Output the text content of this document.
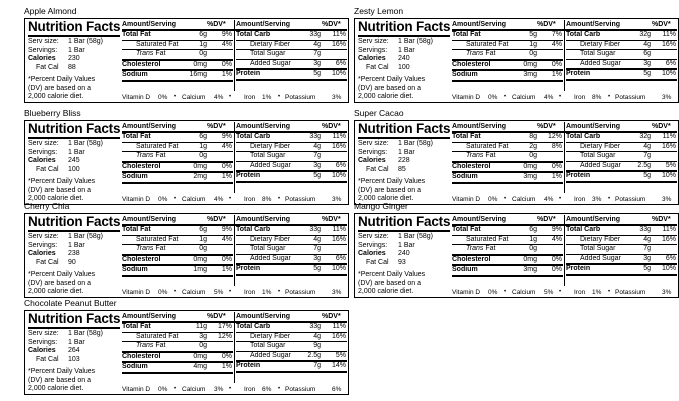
Apple Almond
Nutrition Facts
Serv size: 1 Bar (58g)
Servings: 1 Bar
Calories 230
Fat Cal 88
*Percent Daily Values
(DV) are based on a
2,000 calorie diet.
Amount/Serving	%DV* Amount/Serving	%DV*
Total Fat	6g 9%
Saturated Fat	1g 4%
Trans Fat	0g
Cholesterol	0mg 0%
Sodium	16mg 1%
Total Carb	33g 11%
Dietary Fiber	4g 16%
Total Sugar	7g
Added Sugar	3g 6%
Protein	5g 10%
Vitamin D 0% • Calcium 4% • Iron 1% • Potassium	3%
Zesty Lemon
Nutrition Facts
Serv size: 1 Bar (58g)
Servings: 1 Bar
Calories 240
Fat Cal 100
*Percent Daily Values
(DV) are based on a
2,000 calorie diet.
Amount/Serving	%DV* Amount/Serving	%DV*
Total Fat	5g 7%
Saturated Fat	1g 4%
Trans Fat	0g
Cholesterol	0mg 0%
Sodium	3mg 1%
Total Carb	32g 11%
Dietary Fiber	4g 16%
Total Sugar	6g
Added Sugar	3g 6%
Protein	5g 10%
Vitamin D 0% • Calcium 4% • Iron 8% • Potassium	3%
Blueberry Bliss
Nutrition Facts
Serv size: 1 Bar (58g)
Servings: 1 Bar
Calories 245
Fat Cal 100
*Percent Daily Values
(DV) are based on a
2,000 calorie diet.
Amount/Serving	%DV* Amount/Serving	%DV*
Total Fat	6g 9%
Saturated Fat	1g 4%
Trans Fat	0g
Cholesterol	0mg 0%
Sodium	2mg 1%
Total Carb	33g 11%
Dietary Fiber	4g 16%
Total Sugar	7g
Added Sugar	3g 6%
Protein	5g 10%
Vitamin D 0% • Calcium 4% • Iron 8% • Potassium	3%
Super Cacao
Nutrition Facts
Serv size: 1 Bar (58g)
Servings: 1 Bar
Calories 228
Fat Cal 85
*Percent Daily Values
(DV) are based on a
2,000 calorie diet.
Amount/Serving	%DV* Amount/Serving	%DV*
Total Fat	8g 12%
Saturated Fat	2g 8%
Trans Fat	0g
Cholesterol	0mg 0%
Sodium	3mg 1%
Total Carb	32g 11%
Dietary Fiber	4g 16%
Total Sugar	7g
Added Sugar 2.5g 5%
Protein	5g 10%
Vitamin D 0% • Calcium 4% • Iron 3% • Potassium	3%
Cherry Chia
Nutrition Facts
Serv size: 1 Bar (58g)
Servings: 1 Bar
Calories 238
Fat Cal 90
*Percent Daily Values
(DV) are based on a
2,000 calorie diet.
Amount/Serving	%DV* Amount/Serving	%DV*
Total Fat	6g 9%
Saturated Fat	1g 4%
Trans Fat	0g
Cholesterol	0mg 0%
Sodium	1mg 1%
Total Carb	33g 11%
Dietary Fiber	4g 16%
Total Sugar	7g
Added Sugar	3g 6%
Protein	5g 10%
Vitamin D 0% • Calcium 5% • Iron 1% • Potassium	3%
Mango Ginger
Nutrition Facts
Serv size: 1 Bar (58g)
Servings: 1 Bar
Calories 240
Fat Cal 93
*Percent Daily Values
(DV) are based on a
2,000 calorie diet.
Amount/Serving	%DV* Amount/Serving	%DV*
Total Fat	6g 9%
Saturated Fat	1g 4%
Trans Fat	0g
Cholesterol	0mg 0%
Sodium	3mg 0%
Total Carb	33g 11%
Dietary Fiber	4g 16%
Total Sugar	7g
Added Sugar	3g 6%
Protein	5g 10%
Vitamin D 0% • Calcium 5% • Iron 1% • Potassium	3%
Chocolate Peanut Butter
Nutrition Facts
Serv size: 1 Bar (58g)
Servings: 1 Bar
Calories 264
Fat Cal 103
*Percent Daily Values
(DV) are based on a
2,000 calorie diet.
Amount/Serving	%DV* Amount/Serving	%DV*
Total Fat	11g 17%
Saturated Fat	3g 12%
Trans Fat	0g
Cholesterol	0mg 0%
Sodium	4mg 1%
Total Carb	33g 11%
Dietary Fiber	4g 16%
Total Sugar	9g
Added Sugar 2.5g 5%
Protein	7g 14%
Vitamin D 0% • Calcium 3% • Iron 6% • Potassium	6%
